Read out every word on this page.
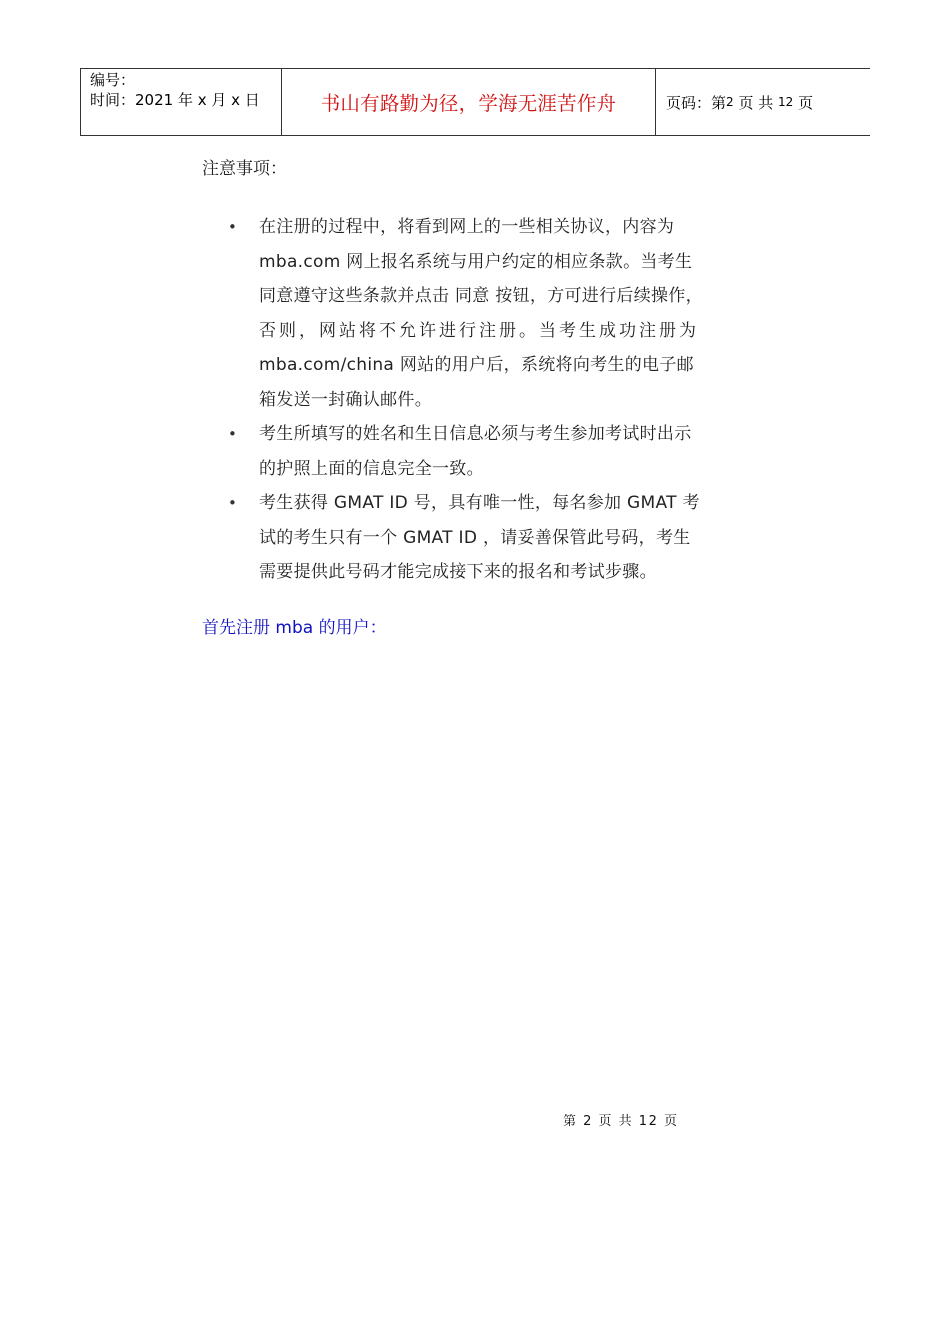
编号：
时间：2021 年 x 月 x 日	书山有路勤为径，学海无涯苦作舟	页码：第 2
页 共
12
页
注意事项：
• 在注册的过程中，将看到网上的一些相关协议，内容为
mba.com 网上报名系统与用户约定的相应条款。当考生
同意遵守这些条款并点击 同意 按钮，方可进行后续操作，
否则，网站将不允许进行注册。当考生成功注册为
mba.com/china 网站的用户后，系统将向考生的电子邮
箱发送一封确认邮件。
• 考生所填写的姓名和生日信息必须与考生参加考试时出示
的护照上面的信息完全一致。
• 考生获得 GMAT ID 号，具有唯一性，每名参加 GMAT 考
试的考生只有一个 GMAT ID ，请妥善保管此号码，考生
需要提供此号码才能完成接下来的报名和考试步骤。
首先注册 mba 的用户：
第 2 页 共 12 页
